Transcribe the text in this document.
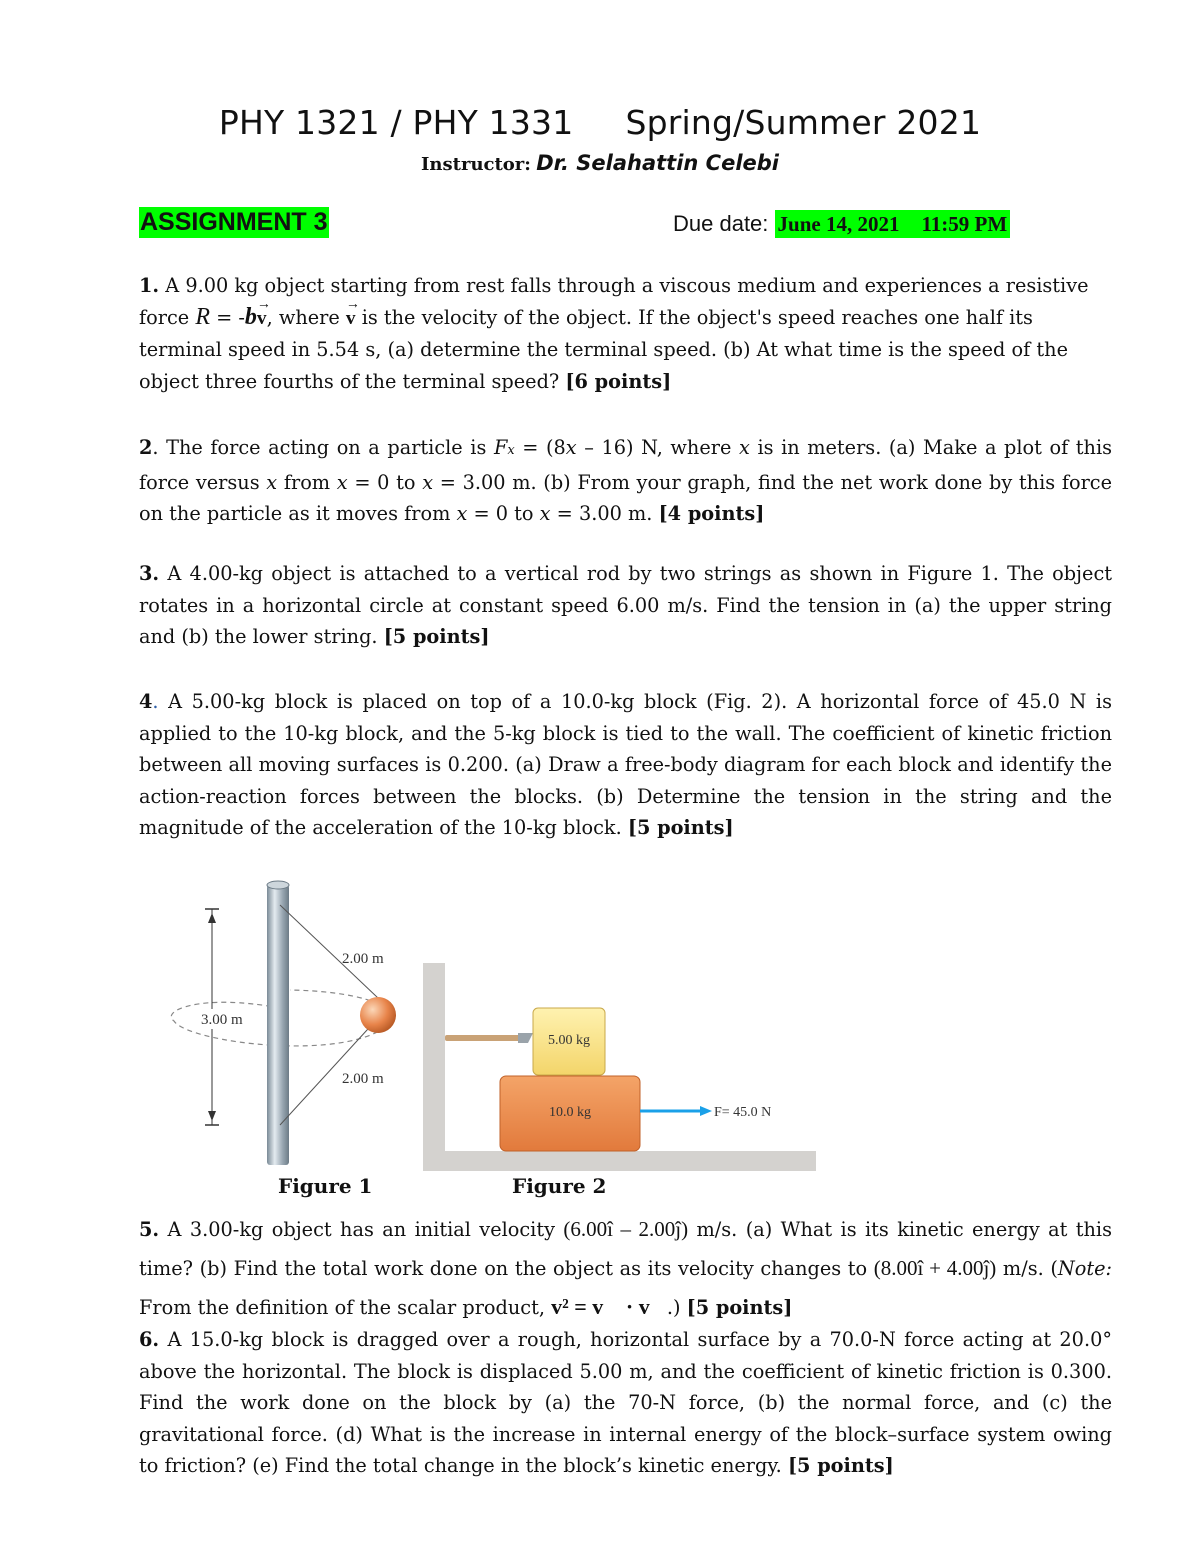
PHY 1321 / PHY 1331 Spring/Summer 2021
Instructor: Dr. Selahattin Celebi
ASSIGNMENT 3	Due date: June 14, 2021 11:59 PM
1. A 9.00 kg object starting from rest falls through a viscous medium and experiences a resistive force R = -bv →, where v → is the velocity of the object. If the object's speed reaches one half its terminal speed in 5.54 s, (a) determine the terminal speed. (b) At what time is the speed of the object three fourths of the terminal speed? [6 points]
2. The force acting on a particle is Fx = (8x – 16) N, where x is in meters. (a) Make a plot of this force versus x from x = 0 to x = 3.00 m. (b) From your graph, find the net work done by this force on the particle as it moves from x = 0 to x = 3.00 m. [4 points]
3. A 4.00-kg object is attached to a vertical rod by two strings as shown in Figure 1. The object rotates in a horizontal circle at constant speed 6.00 m/s. Find the tension in (a) the upper string and (b) the lower string. [5 points]
4. A 5.00-kg block is placed on top of a 10.0-kg block (Fig. 2). A horizontal force of 45.0 N is applied to the 10-kg block, and the 5-kg block is tied to the wall. The coefficient of kinetic friction between all moving surfaces is 0.200. (a) Draw a free-body diagram for each block and identify the action-reaction forces between the blocks. (b) Determine the tension in the string and the magnitude of the acceleration of the 10-kg block. [5 points]
3.00 m
2.00 m
2.00 m
5.00 kg
10.0 kg	F= 45.0 N
Figure 1	Figure 2
5. A 3.00-kg object has an initial velocity (6.00î – 2.00ĵ) m/s. (a) What is its kinetic energy at this time? (b) Find the total work done on the object as its velocity changes to (8.00î + 4.00ĵ) m/s. (Note: From the definition of the scalar product, v² = v⃗ · v⃗.) [5 points]
6. A 15.0-kg block is dragged over a rough, horizontal surface by a 70.0-N force acting at 20.0° above the horizontal. The block is displaced 5.00 m, and the coefficient of kinetic friction is 0.300. Find the work done on the block by (a) the 70-N force, (b) the normal force, and (c) the gravitational force. (d) What is the increase in internal energy of the block–surface system owing to friction? (e) Find the total change in the block’s kinetic energy. [5 points]
